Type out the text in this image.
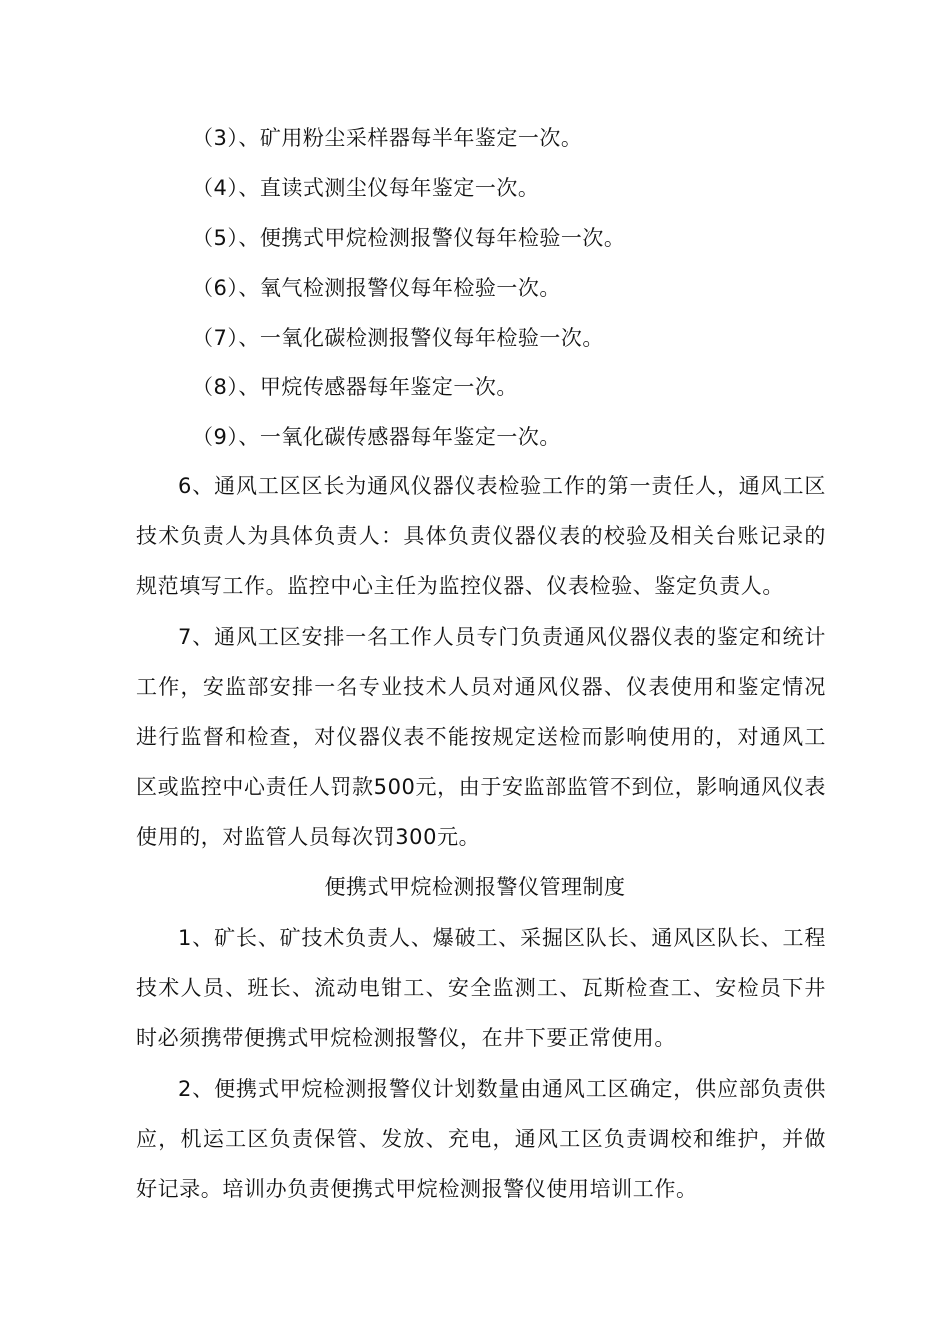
（3）、矿用粉尘采样器每半年鉴定一次。
（4）、直读式测尘仪每年鉴定一次。
（5）、便携式甲烷检测报警仪每年检验一次。
（6）、氧气检测报警仪每年检验一次。
（7）、一氧化碳检测报警仪每年检验一次。
（8）、甲烷传感器每年鉴定一次。
（9）、一氧化碳传感器每年鉴定一次。
6、通风工区区长为通风仪器仪表检验工作的第一责任人，通风工区技术负责人为具体负责人：具体负责仪器仪表的校验及相关台账记录的规范填写工作。监控中心主任为监控仪器、仪表检验、鉴定负责人。
7、通风工区安排一名工作人员专门负责通风仪器仪表的鉴定和统计工作，安监部安排一名专业技术人员对通风仪器、仪表使用和鉴定情况进行监督和检查，对仪器仪表不能按规定送检而影响使用的，对通风工区或监控中心责任人罚款500元，由于安监部监管不到位，影响通风仪表使用的，对监管人员每次罚300元。
便携式甲烷检测报警仪管理制度
1、矿长、矿技术负责人、爆破工、采掘区队长、通风区队长、工程技术人员、班长、流动电钳工、安全监测工、瓦斯检查工、安检员下井时必须携带便携式甲烷检测报警仪，在井下要正常使用。
2、便携式甲烷检测报警仪计划数量由通风工区确定，供应部负责供应，机运工区负责保管、发放、充电，通风工区负责调校和维护，并做好记录。培训办负责便携式甲烷检测报警仪使用培训工作。
